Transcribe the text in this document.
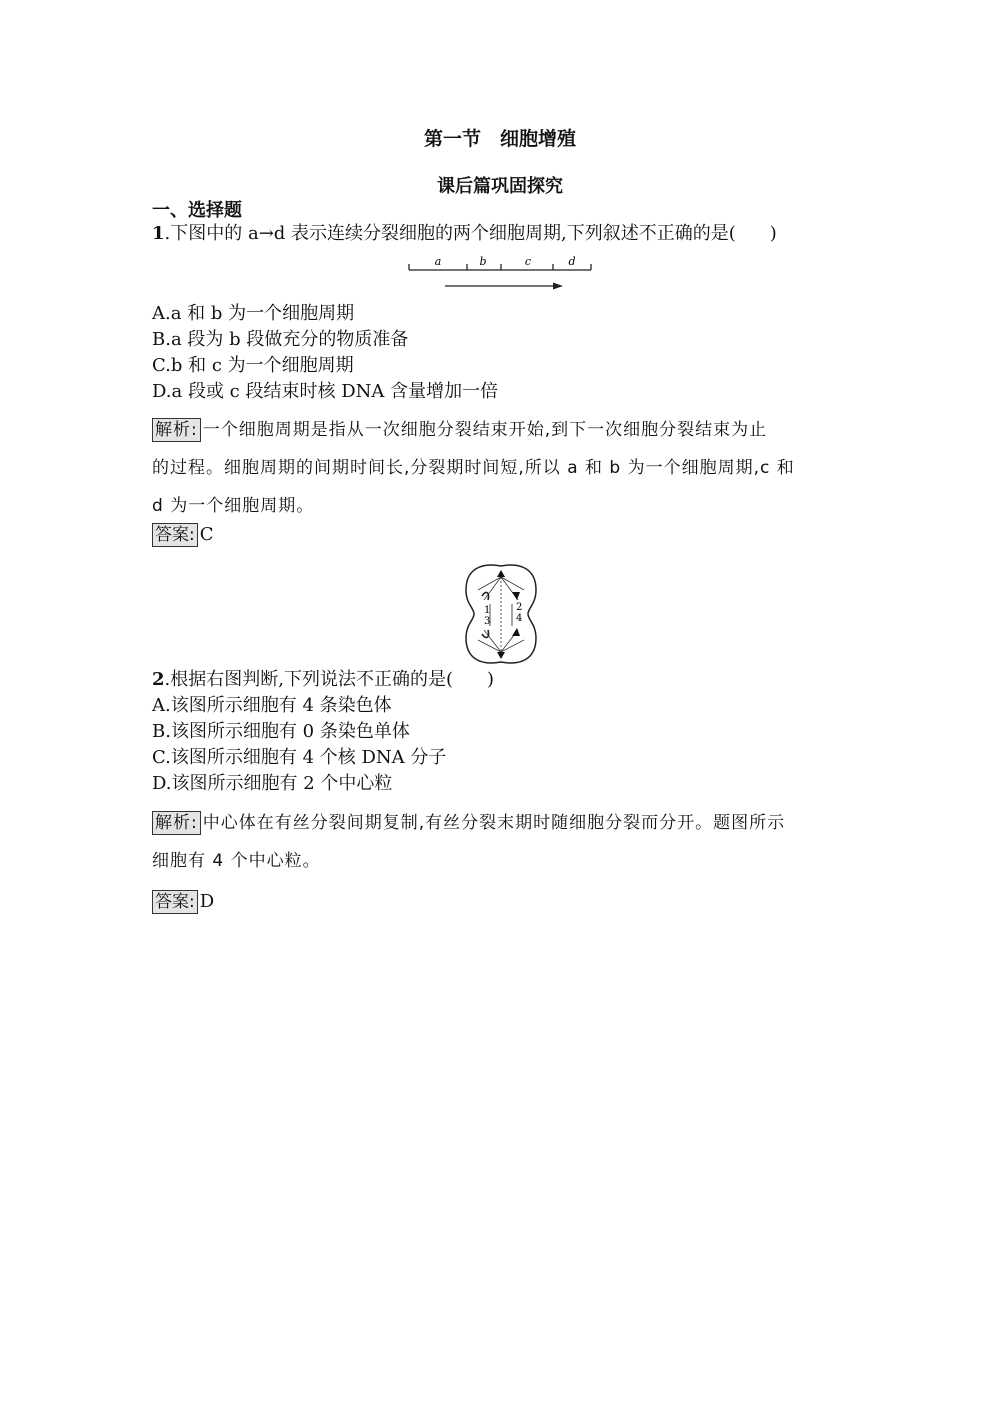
第一节　细胞增殖
课后篇巩固探究
一、选择题
1.下图中的 a→d 表示连续分裂细胞的两个细胞周期,下列叙述不正确的是( )
a	b	c	d
A.a 和 b 为一个细胞周期
B.a 段为 b 段做充分的物质准备
C.b 和 c 为一个细胞周期
D.a 段或 c 段结束时核 DNA 含量增加一倍
解析: 一个细胞周期是指从一次细胞分裂结束开始,到下一次细胞分裂结束为止
的过程。细胞周期的间期时间长,分裂期时间短,所以 a 和 b 为一个细胞周期,c 和
d 为一个细胞周期。
答案: C
1	2
3	4
2.根据右图判断,下列说法不正确的是( )
A.该图所示细胞有 4 条染色体
B.该图所示细胞有 0 条染色单体
C.该图所示细胞有 4 个核 DNA 分子
D.该图所示细胞有 2 个中心粒
解析: 中心体在有丝分裂间期复制,有丝分裂末期时随细胞分裂而分开。题图所示
细胞有 4 个中心粒。
答案: D
